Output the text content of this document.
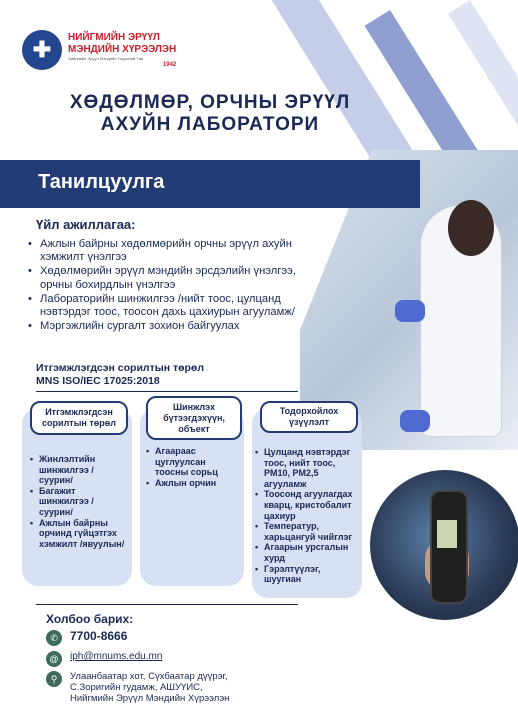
✚	НИЙГМИЙН ЭРҮҮЛ
МЭНДИЙН ХҮРЭЭЛЭН
Нийгмийн Эрүүл Мэндийн Үндэсний Төв
1942
ХӨДӨЛМӨР, ОРЧНЫ ЭРҮҮЛ
АХУЙН ЛАБОРАТОРИ
Танилцуулга
Үйл ажиллагаа:
• Ажлын байрны хөдөлмөрийн орчны эрүүл ахуйн хэмжилт үнэлгээ
• Хөдөлмөрийн эрүүл мэндийн эрсдэлийн үнэлгээ, орчны бохирдлын үнэлгээ
• Лабораторийн шинжилгээ /нийт тоос, цулцанд нэвтэрдэг тоос, тоосон дахь цахиурын агууламж/
• Мэргэжлийн сургалт зохион байгуулах
Итгэмжлэгдсэн сорилтын төрөл
MNS ISO/IEC 17025:2018
Итгэмжлэгдсэн сорилтын төрөл
Шинжлэх бүтээгдэхүүн, объект
Тодорхойлох үзүүлэлт
• Жинлэлтийн шинжилгээ /суурин/
• Багажит шинжилгээ /суурин/
• Ажлын байрны орчинд гүйцэтгэх хэмжилт /явуулын/
• Агаараас цуглуулсан тоосны сорьц
• Ажлын орчин
• Цулцанд нэвтэрдэг тоос, нийт тоос, PM10, PM2,5 агууламж
• Тоосонд агуулагдах кварц, кристобалит цахиур
• Температур, харьцангуй чийглэг
• Агаарын урсгалын хурд
• Гэрэлтүүлэг, шуугиан
Холбоо барих:
✆	7700-8666
@	iph@mnums.edu.mn
⚲	Улаанбаатар хот, Сүхбаатар дүүрэг,
С.Зоригийн гудамж, АШУҮИС,
Нийгмийн Эрүүл Мэндийн Хүрээлэн
